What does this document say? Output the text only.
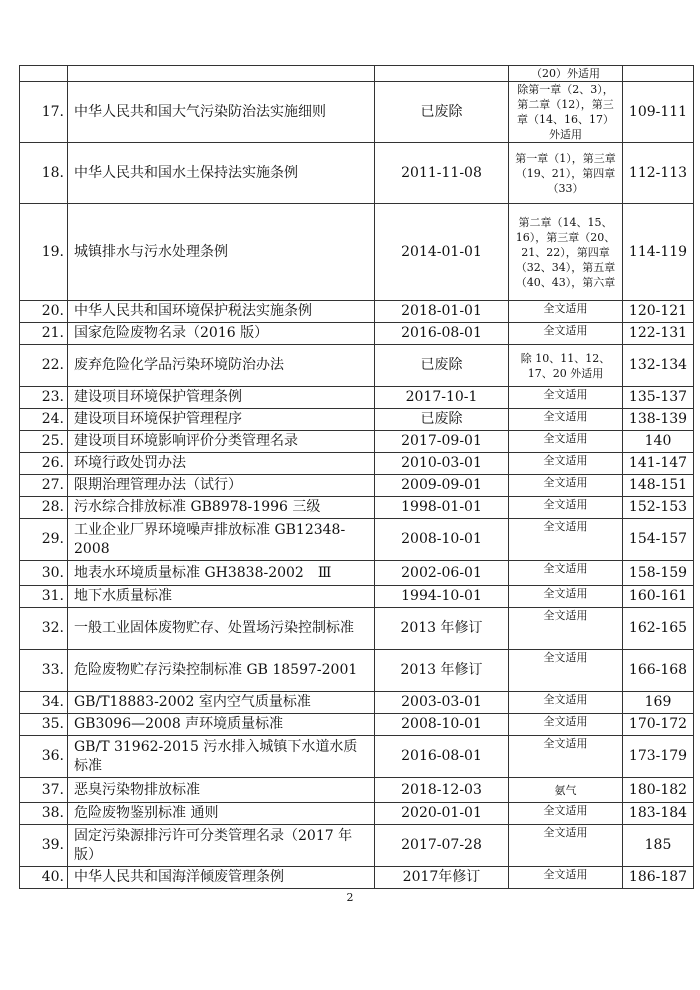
			（20）外适用	
17.	中华人民共和国大气污染防治法实施细则	已废除	除第一章（2、3），第二章（12），第三章（14、16、17）外适用	109-111
18.	中华人民共和国水土保持法实施条例	2011-11-08	第一章（1），第三章（19、21），第四章（33）	112-113
19.	城镇排水与污水处理条例	2014-01-01	第二章（14、15、16），第三章（20、21、22），第四章（32、34），第五章（40、43），第六章	114-119
20.	中华人民共和国环境保护税法实施条例	2018-01-01	全文适用	120-121
21.	国家危险废物名录（2016 版）	2016-08-01	全文适用	122-131
22.	废弃危险化学品污染环境防治办法	已废除	除 10、11、12、17、20 外适用	132-134
23.	建设项目环境保护管理条例	2017-10-1	全文适用	135-137
24.	建设项目环境保护管理程序	已废除	全文适用	138-139
25.	建设项目环境影响评价分类管理名录	2017-09-01	全文适用	140
26.	环境行政处罚办法	2010-03-01	全文适用	141-147
27.	限期治理管理办法（试行）	2009-09-01	全文适用	148-151
28.	污水综合排放标准 GB8978-1996 三级	1998-01-01	全文适用	152-153
29.	工业企业厂界环境噪声排放标准 GB12348-2008	2008-10-01	全文适用	154-157
30.	地表水环境质量标准 GH3838-2002　Ⅲ	2002-06-01	全文适用	158-159
31.	地下水质量标准	1994-10-01	全文适用	160-161
32.	一般工业固体废物贮存、处置场污染控制标准	2013 年修订	全文适用	162-165
33.	危险废物贮存污染控制标准 GB 18597-2001	2013 年修订	全文适用	166-168
34.	GB/T18883-2002 室内空气质量标准	2003-03-01	全文适用	169
35.	GB3096—2008 声环境质量标准	2008-10-01	全文适用	170-172
36.	GB/T 31962-2015 污水排入城镇下水道水质标准	2016-08-01	全文适用	173-179
37.	恶臭污染物排放标准	2018-12-03	氨气	180-182
38.	危险废物鉴别标准 通则	2020-01-01	全文适用	183-184
39.	固定污染源排污许可分类管理名录（2017 年版）	2017-07-28	全文适用	185
40.	中华人民共和国海洋倾废管理条例	2017年修订	全文适用	186-187
2
